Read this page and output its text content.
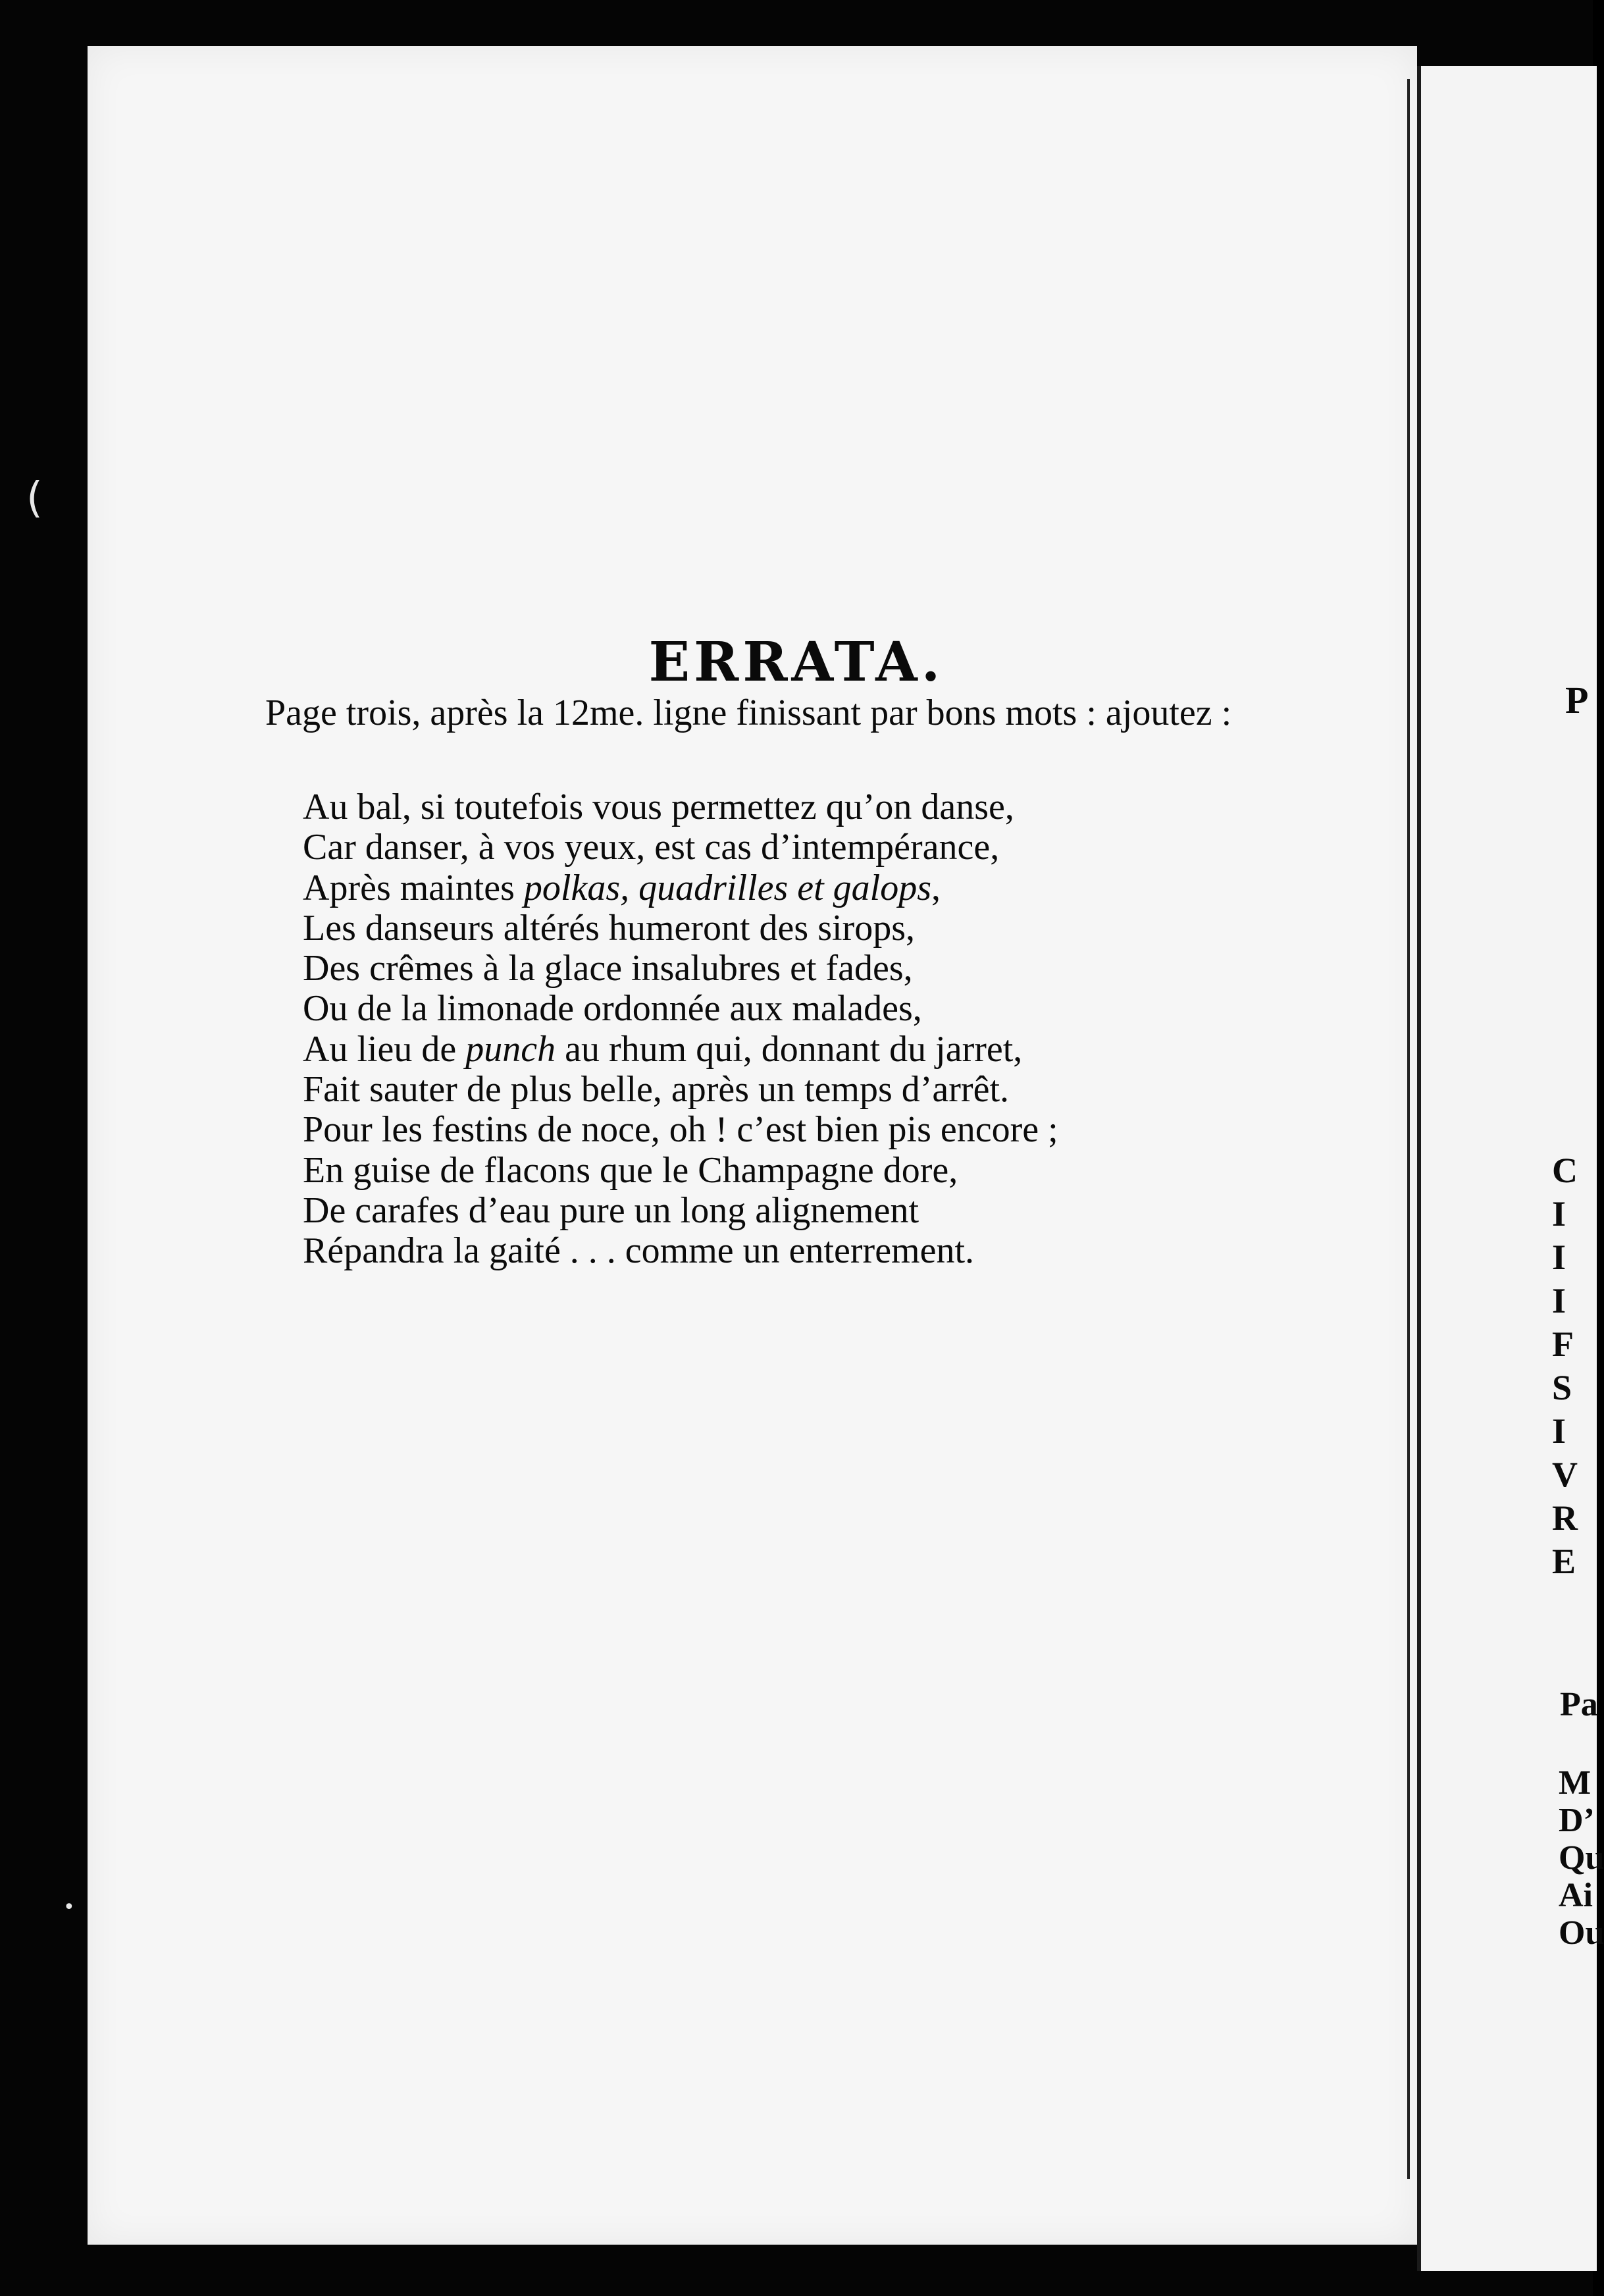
(
•
ERRATA.
Page trois, après la 12me. ligne finissant par bons mots : ajoutez :
Au bal, si toutefois vous permettez qu’on danse,
Car danser, à vos yeux, est cas d’intempérance,
Après maintes polkas, quadrilles et galops,
Les danseurs altérés humeront des sirops,
Des crêmes à la glace insalubres et fades,
Ou de la limonade ordonnée aux malades,
Au lieu de punch au rhum qui, donnant du jarret,
Fait sauter de plus belle, après un temps d’arrêt.
Pour les festins de noce, oh ! c’est bien pis encore ;
En guise de flacons que le Champagne dore,
De carafes d’eau pure un long alignement
Répandra la gaité . . . comme un enterrement.
P
C
I
I
I
F
S
I
V
R
E
Pa
M
D’
Qu
Ai
Ou
